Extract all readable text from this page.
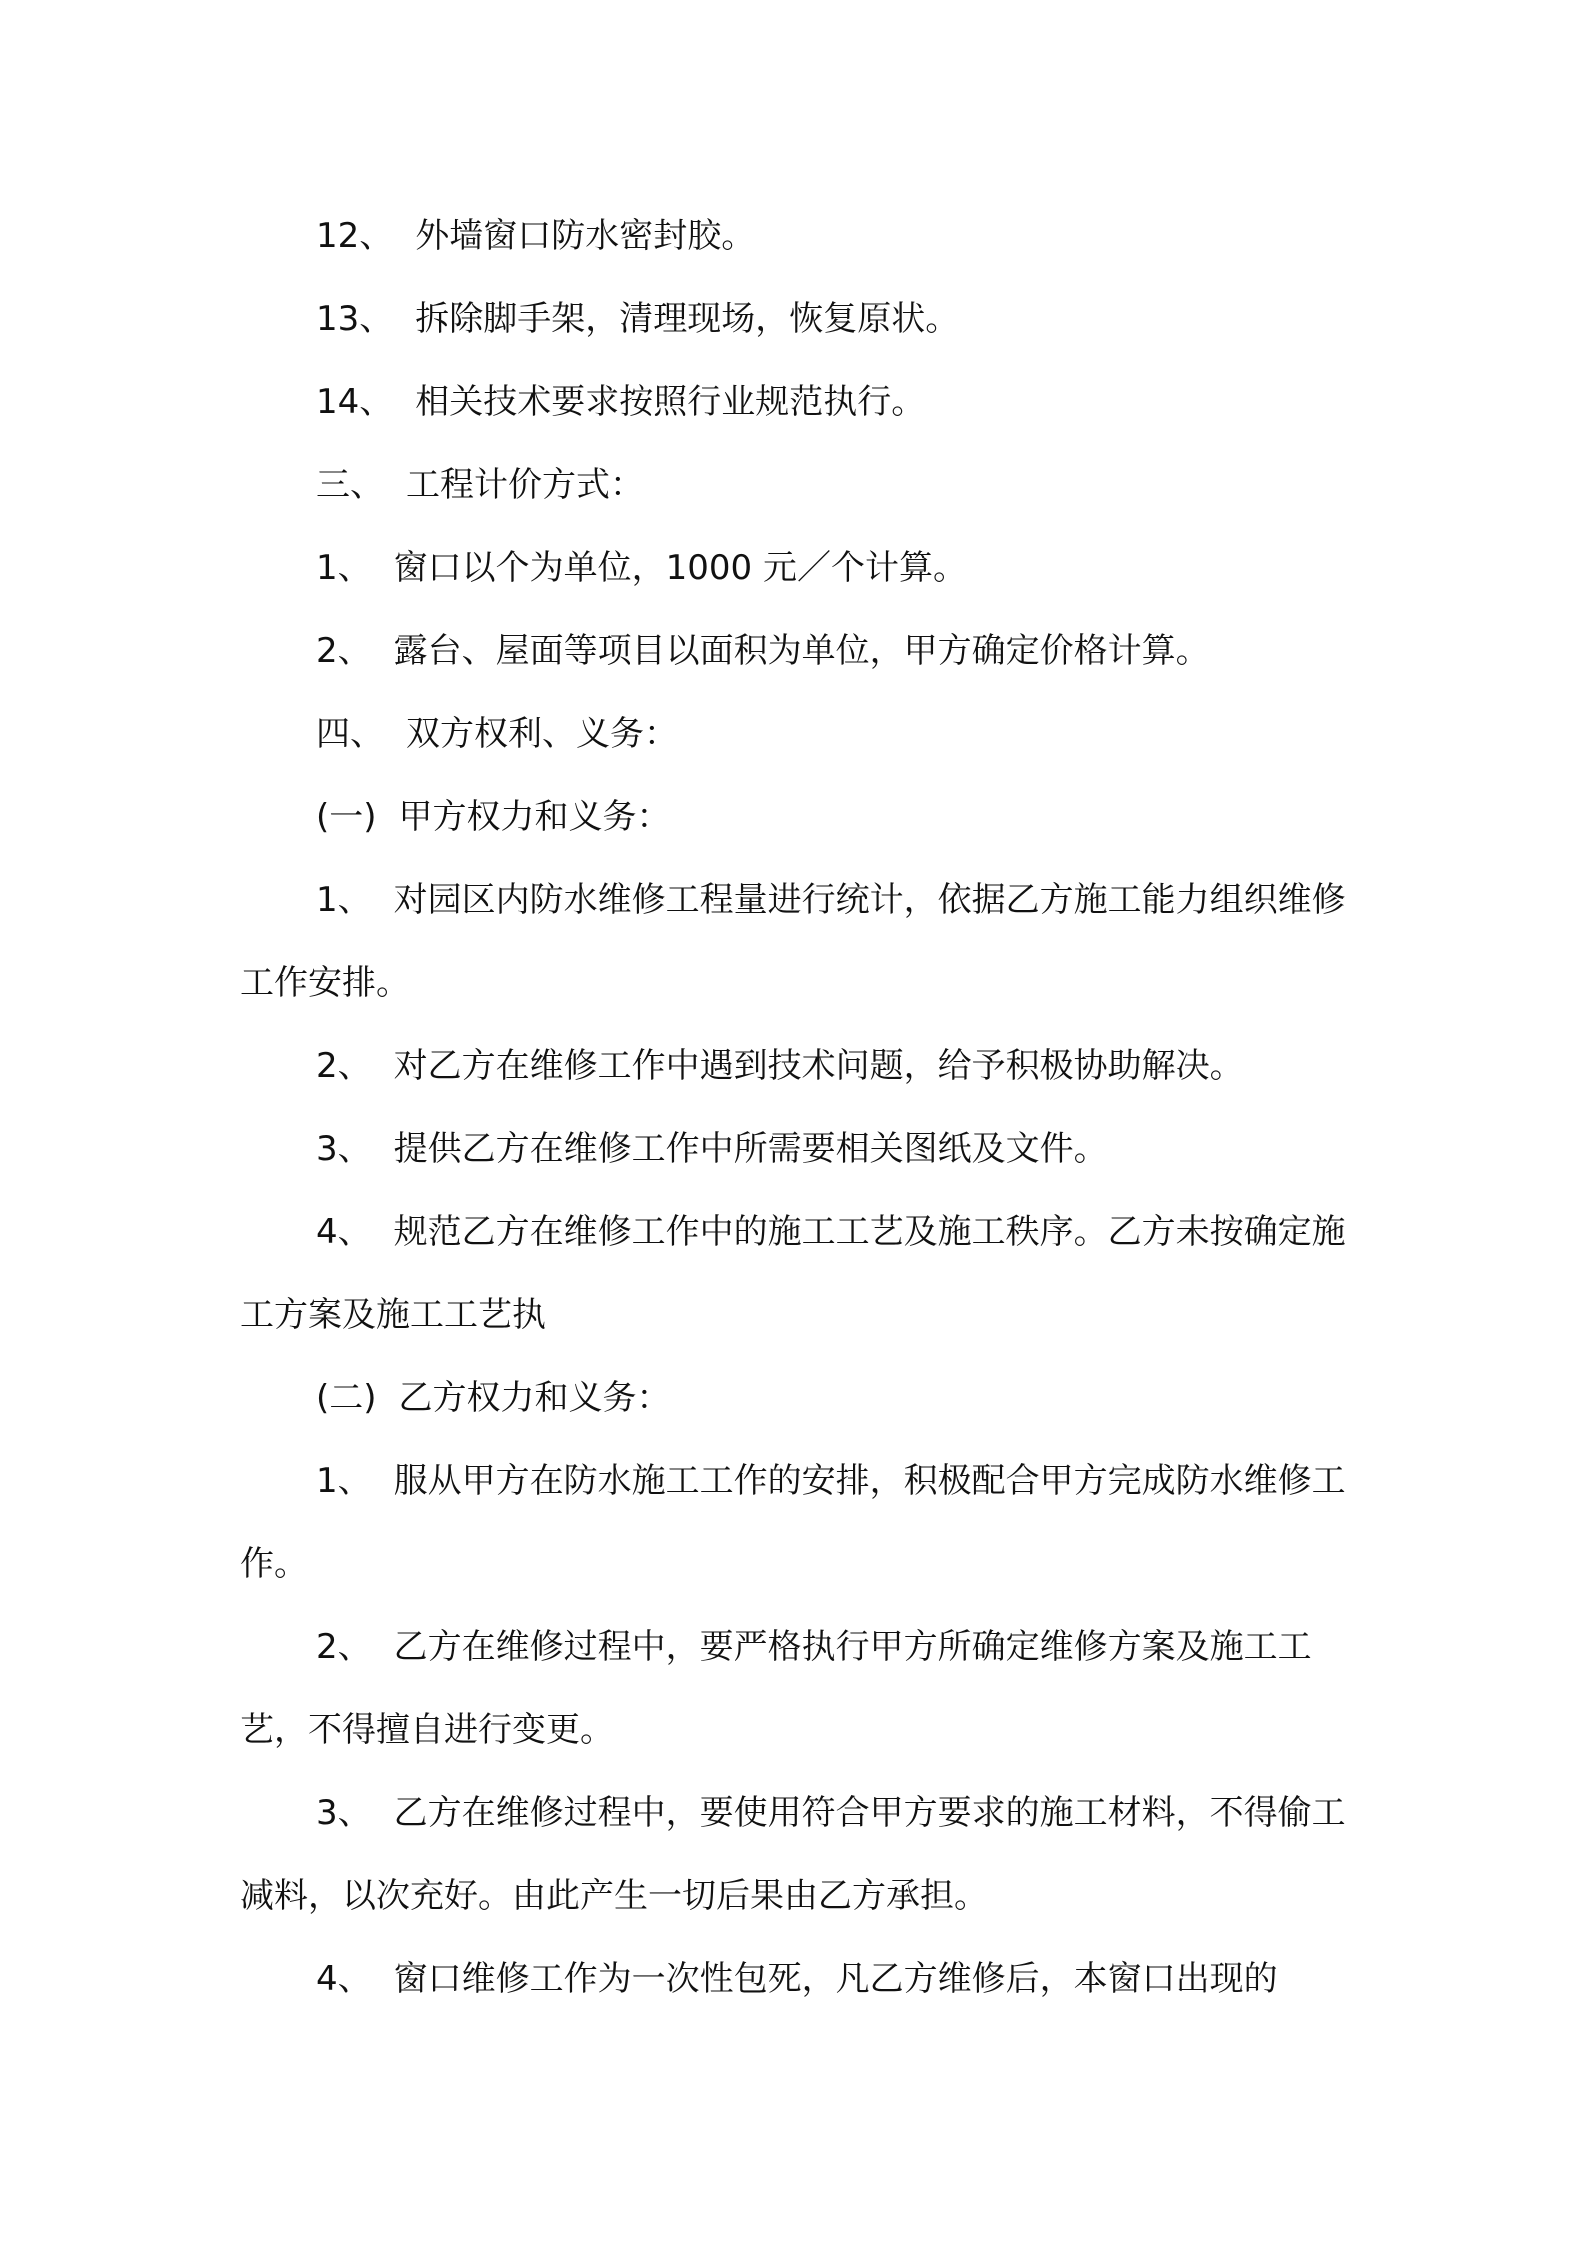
12、 外墙窗口防水密封胶。

13、 拆除脚手架，清理现场，恢复原状。

14、 相关技术要求按照行业规范执行。

三、 工程计价方式：

1、 窗口以个为单位，1000 元／个计算。

2、 露台、屋面等项目以面积为单位，甲方确定价格计算。

四、 双方权利、义务：

(一) 甲方权力和义务：

1、 对园区内防水维修工程量进行统计，依据乙方施工能力组织维修工作安排。

2、 对乙方在维修工作中遇到技术问题，给予积极协助解决。

3、 提供乙方在维修工作中所需要相关图纸及文件。

4、 规范乙方在维修工作中的施工工艺及施工秩序。乙方未按确定施工方案及施工工艺执

(二) 乙方权力和义务：

1、 服从甲方在防水施工工作的安排，积极配合甲方完成防水维修工作。

2、 乙方在维修过程中，要严格执行甲方所确定维修方案及施工工艺，不得擅自进行变更。

3、 乙方在维修过程中，要使用符合甲方要求的施工材料，不得偷工减料，以次充好。由此产生一切后果由乙方承担。

4、 窗口维修工作为一次性包死，凡乙方维修后，本窗口出现的
